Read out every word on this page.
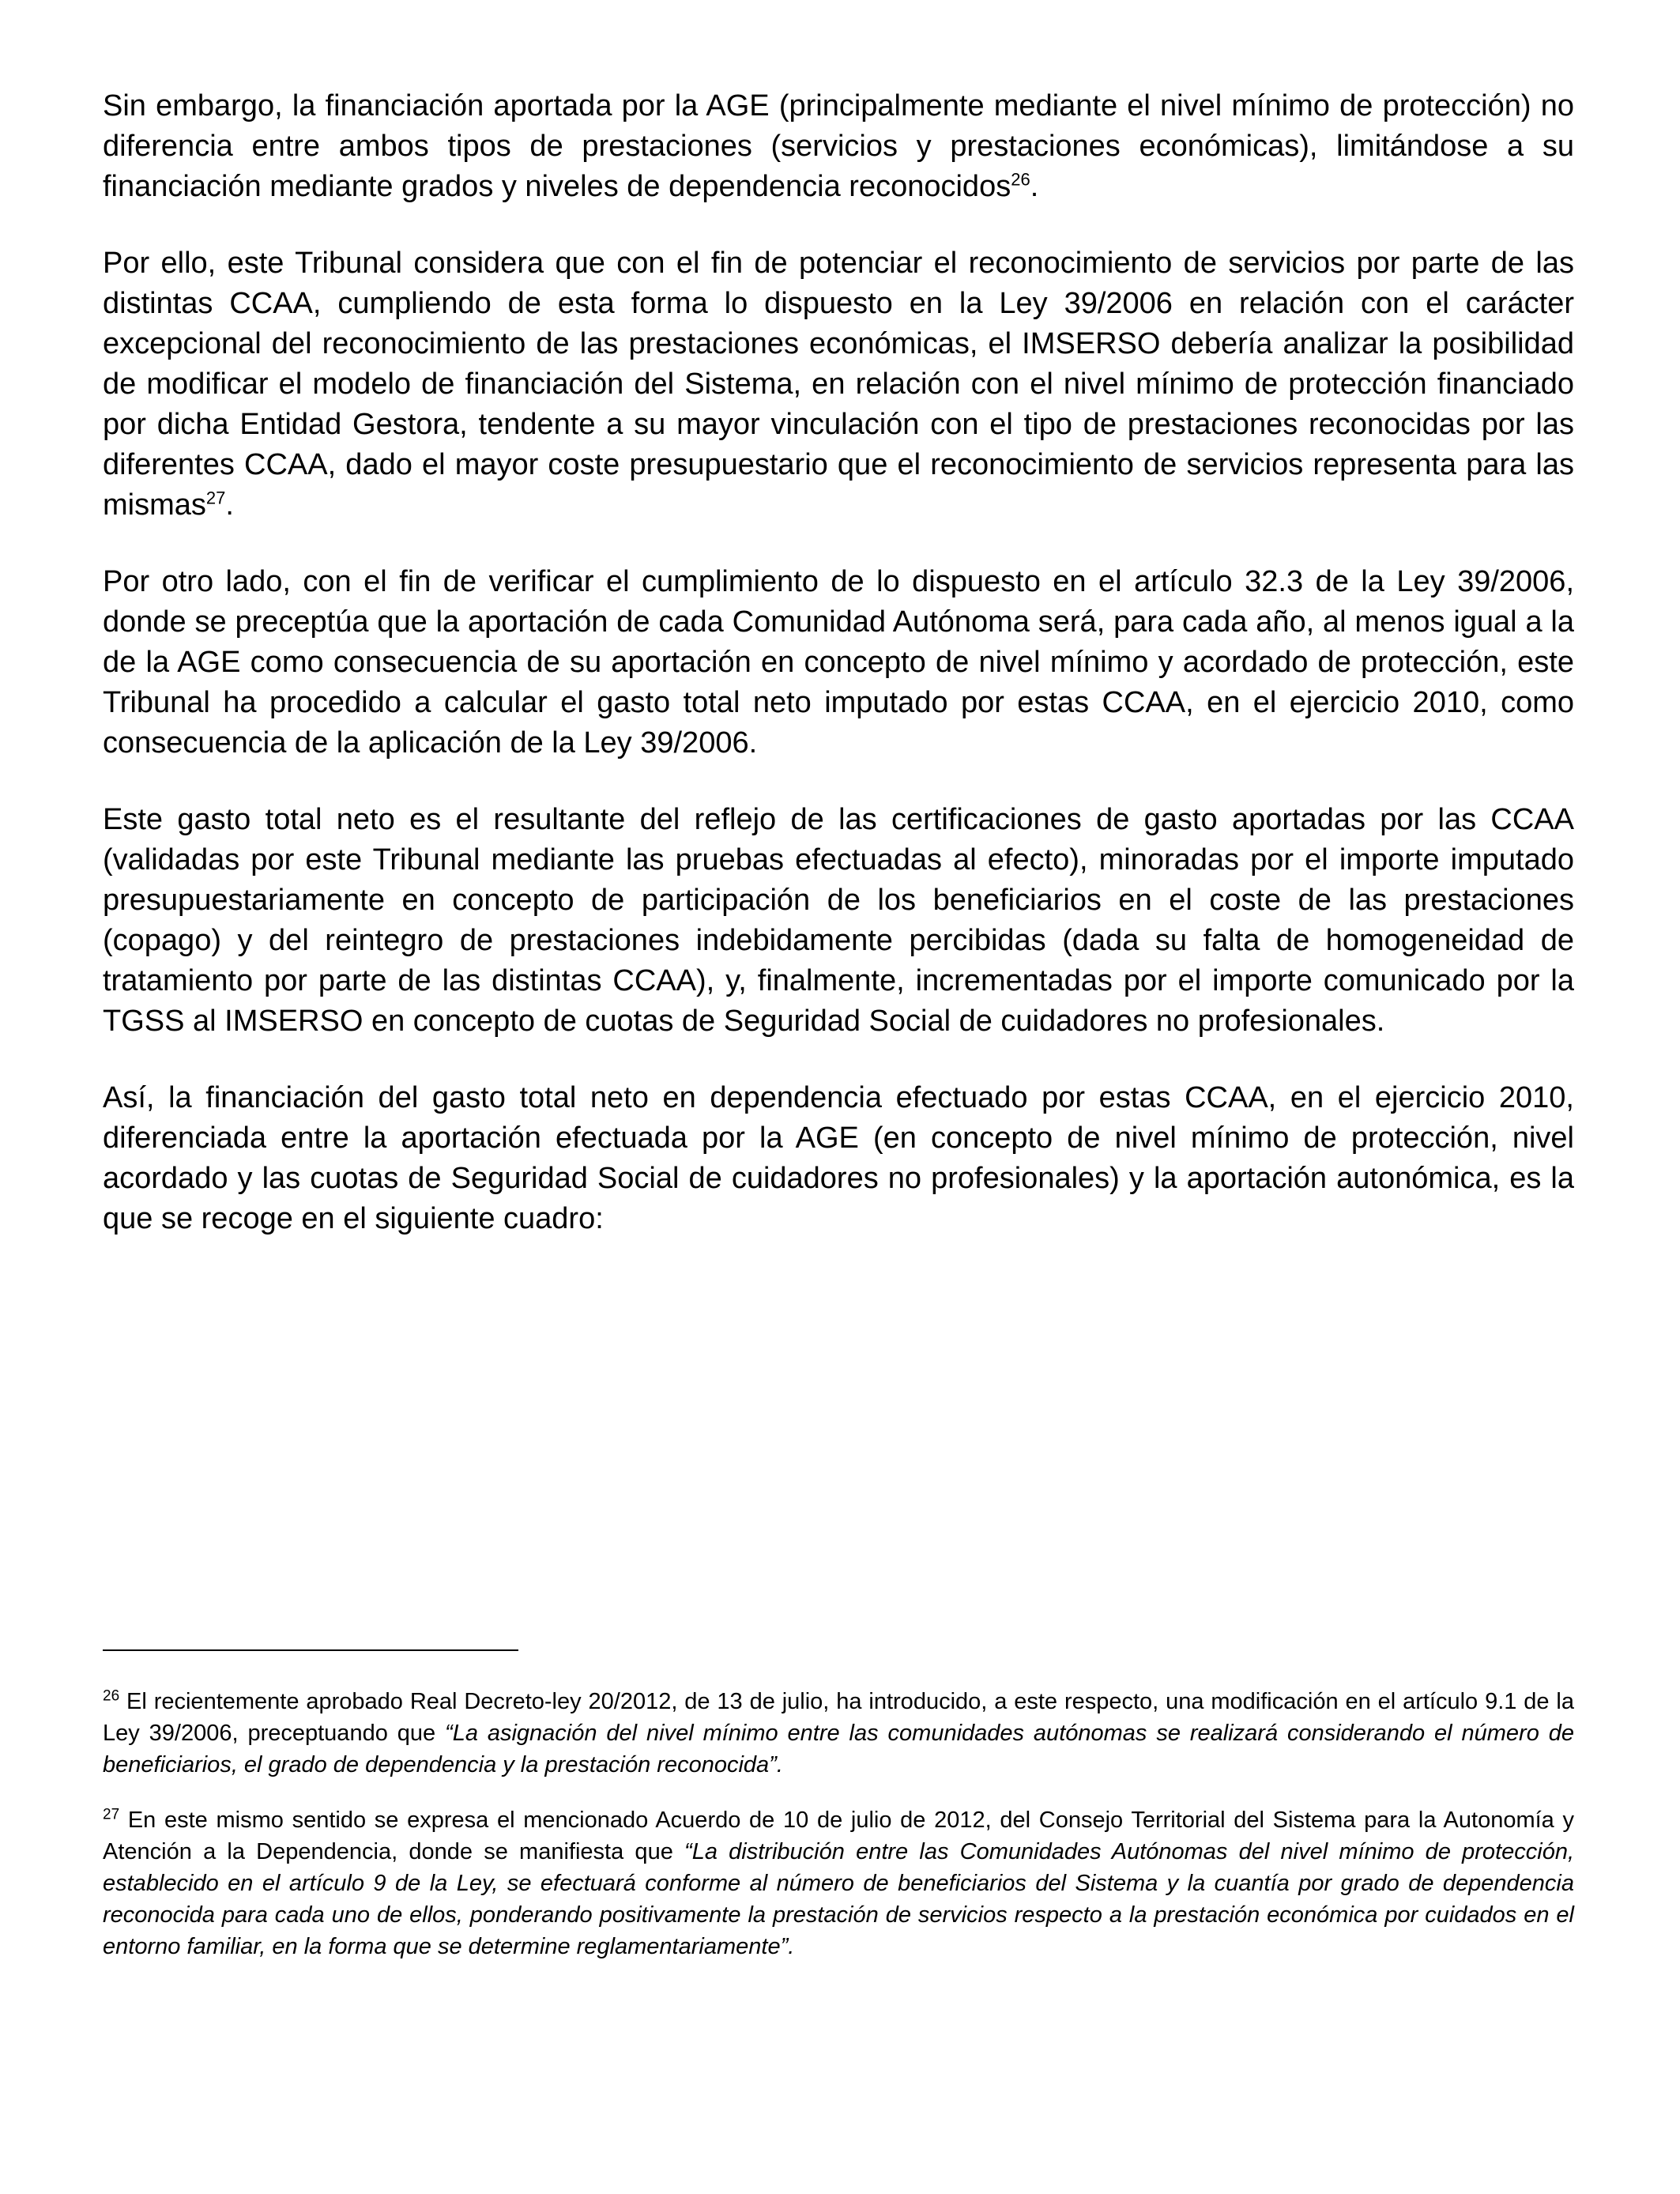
Sin embargo, la financiación aportada por la AGE (principalmente mediante el nivel mínimo de protección) no diferencia entre ambos tipos de prestaciones (servicios y prestaciones económicas), limitándose a su financiación mediante grados y niveles de dependencia reconocidos$^{26}$.

Por ello, este Tribunal considera que con el fin de potenciar el reconocimiento de servicios por parte de las distintas CCAA, cumpliendo de esta forma lo dispuesto en la Ley 39/2006 en relación con el carácter excepcional del reconocimiento de las prestaciones económicas, el IMSERSO debería analizar la posibilidad de modificar el modelo de financiación del Sistema, en relación con el nivel mínimo de protección financiado por dicha Entidad Gestora, tendente a su mayor vinculación con el tipo de prestaciones reconocidas por las diferentes CCAA, dado el mayor coste presupuestario que el reconocimiento de servicios representa para las mismas$^{27}$.

Por otro lado, con el fin de verificar el cumplimiento de lo dispuesto en el artículo 32.3 de la Ley 39/2006, donde se preceptúa que la aportación de cada Comunidad Autónoma será, para cada año, al menos igual a la de la AGE como consecuencia de su aportación en concepto de nivel mínimo y acordado de protección, este Tribunal ha procedido a calcular el gasto total neto imputado por estas CCAA, en el ejercicio 2010, como consecuencia de la aplicación de la Ley 39/2006.

Este gasto total neto es el resultante del reflejo de las certificaciones de gasto aportadas por las CCAA (validadas por este Tribunal mediante las pruebas efectuadas al efecto), minoradas por el importe imputado presupuestariamente en concepto de participación de los beneficiarios en el coste de las prestaciones (copago) y del reintegro de prestaciones indebidamente percibidas (dada su falta de homogeneidad de tratamiento por parte de las distintas CCAA), y, finalmente, incrementadas por el importe comunicado por la TGSS al IMSERSO en concepto de cuotas de Seguridad Social de cuidadores no profesionales.

Así, la financiación del gasto total neto en dependencia efectuado por estas CCAA, en el ejercicio 2010, diferenciada entre la aportación efectuada por la AGE (en concepto de nivel mínimo de protección, nivel acordado y las cuotas de Seguridad Social de cuidadores no profesionales) y la aportación autonómica, es la que se recoge en el siguiente cuadro:

$^{26}$ El recientemente aprobado Real Decreto-ley 20/2012, de 13 de julio, ha introducido, a este respecto, una modificación en el artículo 9.1 de la Ley 39/2006, preceptuando que “La asignación del nivel mínimo entre las comunidades autónomas se realizará considerando el número de beneficiarios, el grado de dependencia y la prestación reconocida”.

$^{27}$ En este mismo sentido se expresa el mencionado Acuerdo de 10 de julio de 2012, del Consejo Territorial del Sistema para la Autonomía y Atención a la Dependencia, donde se manifiesta que “La distribución entre las Comunidades Autónomas del nivel mínimo de protección, establecido en el artículo 9 de la Ley, se efectuará conforme al número de beneficiarios del Sistema y la cuantía por grado de dependencia reconocida para cada uno de ellos, ponderando positivamente la prestación de servicios respecto a la prestación económica por cuidados en el entorno familiar, en la forma que se determine reglamentariamente”.
